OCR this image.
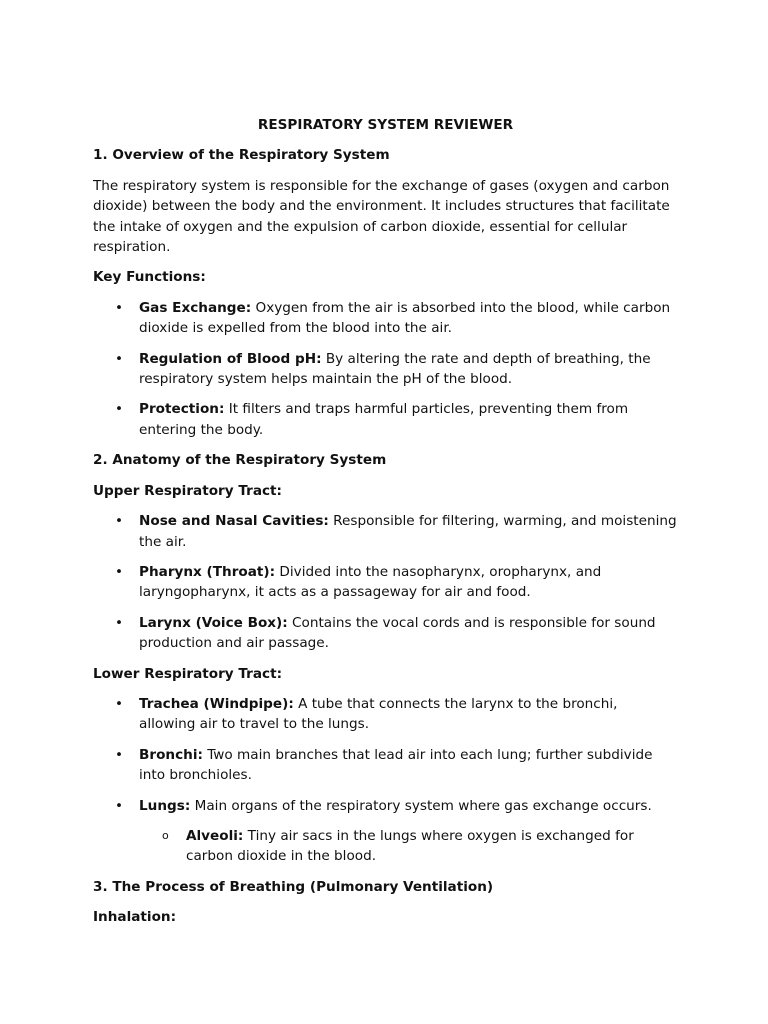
RESPIRATORY SYSTEM REVIEWER
1. Overview of the Respiratory System
The respiratory system is responsible for the exchange of gases (oxygen and carbon dioxide) between the body and the environment. It includes structures that facilitate the intake of oxygen and the expulsion of carbon dioxide, essential for cellular respiration.
Key Functions:
• Gas Exchange: Oxygen from the air is absorbed into the blood, while carbon dioxide is expelled from the blood into the air.
• Regulation of Blood pH: By altering the rate and depth of breathing, the respiratory system helps maintain the pH of the blood.
• Protection: It filters and traps harmful particles, preventing them from entering the body.
2. Anatomy of the Respiratory System
Upper Respiratory Tract:
• Nose and Nasal Cavities: Responsible for filtering, warming, and moistening the air.
• Pharynx (Throat): Divided into the nasopharynx, oropharynx, and laryngopharynx, it acts as a passageway for air and food.
• Larynx (Voice Box): Contains the vocal cords and is responsible for sound production and air passage.
Lower Respiratory Tract:
• Trachea (Windpipe): A tube that connects the larynx to the bronchi, allowing air to travel to the lungs.
• Bronchi: Two main branches that lead air into each lung; further subdivide into bronchioles.
• Lungs: Main organs of the respiratory system where gas exchange occurs.
o Alveoli: Tiny air sacs in the lungs where oxygen is exchanged for carbon dioxide in the blood.
3. The Process of Breathing (Pulmonary Ventilation)
Inhalation:
